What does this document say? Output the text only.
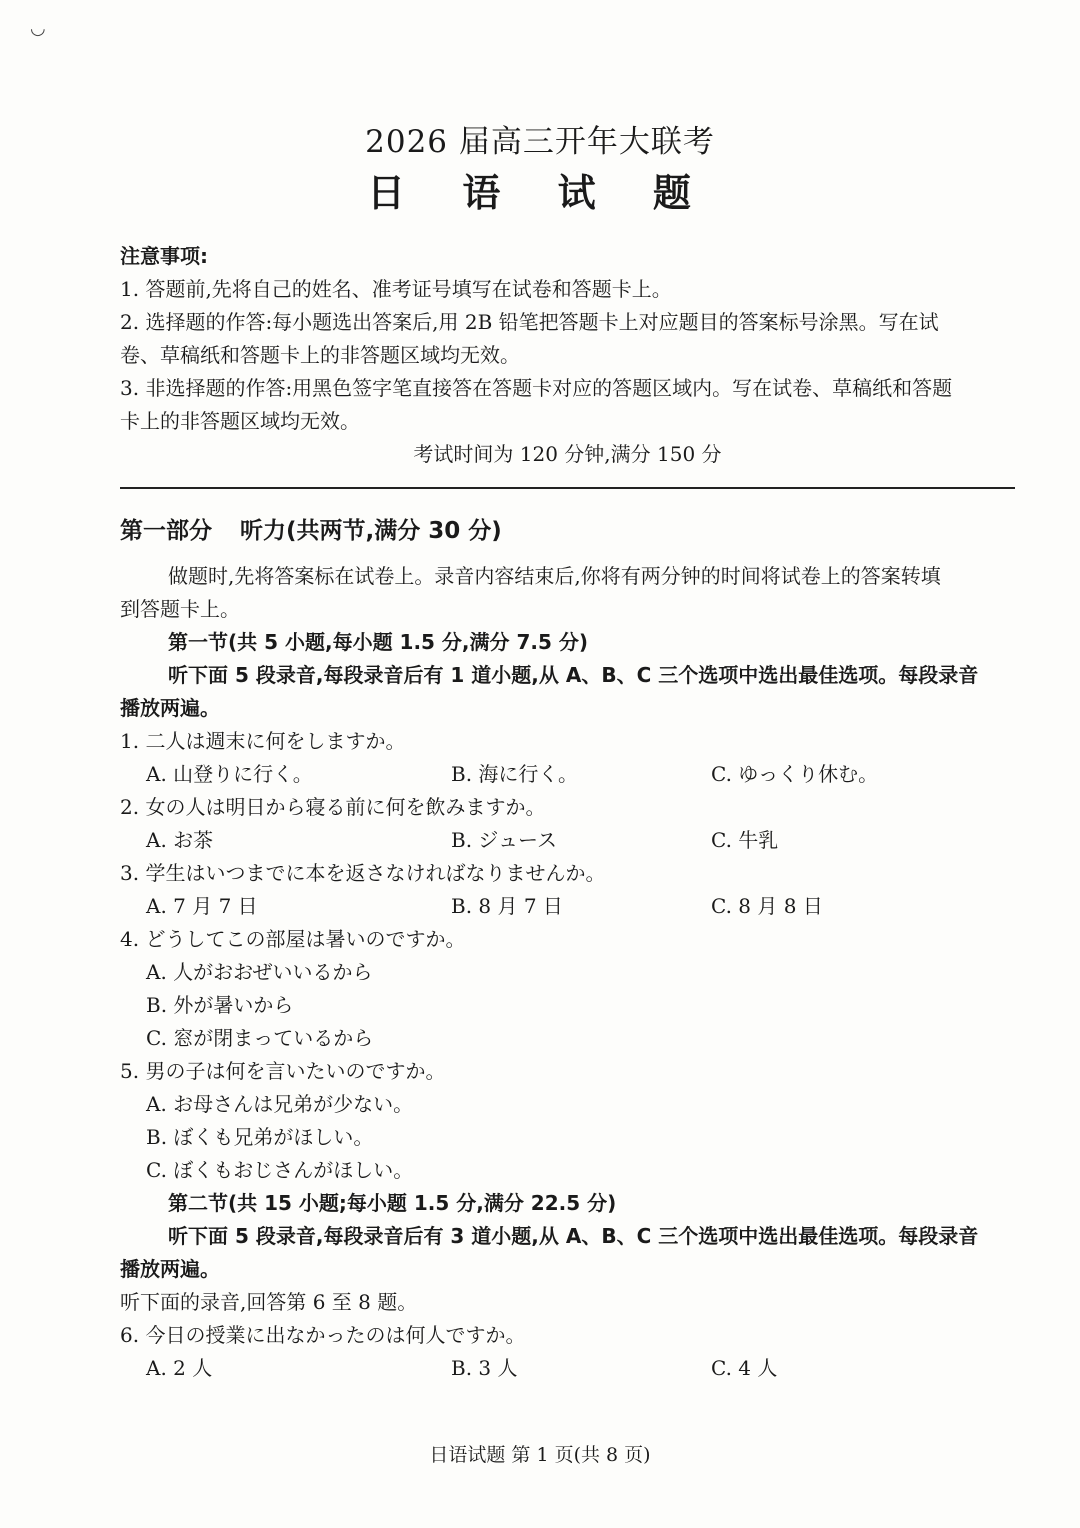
◡
2026 届高三开年大联考
日 语 试 题
注意事项:
1. 答题前,先将自己的姓名、准考证号填写在试卷和答题卡上。
2. 选择题的作答:每小题选出答案后,用 2B 铅笔把答题卡上对应题目的答案标号涂黑。写在试
卷、草稿纸和答题卡上的非答题区域均无效。
3. 非选择题的作答:用黑色签字笔直接答在答题卡对应的答题区域内。写在试卷、草稿纸和答题
卡上的非答题区域均无效。
考试时间为 120 分钟,满分 150 分
第一部分 听力(共两节,满分 30 分)
做题时,先将答案标在试卷上。录音内容结束后,你将有两分钟的时间将试卷上的答案转填
到答题卡上。
第一节(共 5 小题,每小题 1.5 分,满分 7.5 分)
听下面 5 段录音,每段录音后有 1 道小题,从 A、B、C 三个选项中选出最佳选项。每段录音
播放两遍。
1. 二人は週末に何をしますか。
A. 山登りに行く。	B. 海に行く。	C. ゆっくり休む。
2. 女の人は明日から寝る前に何を飲みますか。
A. お茶	B. ジュース	C. 牛乳
3. 学生はいつまでに本を返さなければなりませんか。
A. 7 月 7 日	B. 8 月 7 日	C. 8 月 8 日
4. どうしてこの部屋は暑いのですか。
A. 人がおおぜいいるから
B. 外が暑いから
C. 窓が閉まっているから
5. 男の子は何を言いたいのですか。
A. お母さんは兄弟が少ない。
B. ぼくも兄弟がほしい。
C. ぼくもおじさんがほしい。
第二节(共 15 小题;每小题 1.5 分,满分 22.5 分)
听下面 5 段录音,每段录音后有 3 道小题,从 A、B、C 三个选项中选出最佳选项。每段录音
播放两遍。
听下面的录音,回答第 6 至 8 题。
6. 今日の授業に出なかったのは何人ですか。
A. 2 人	B. 3 人	C. 4 人
日语试题 第 1 页(共 8 页)
